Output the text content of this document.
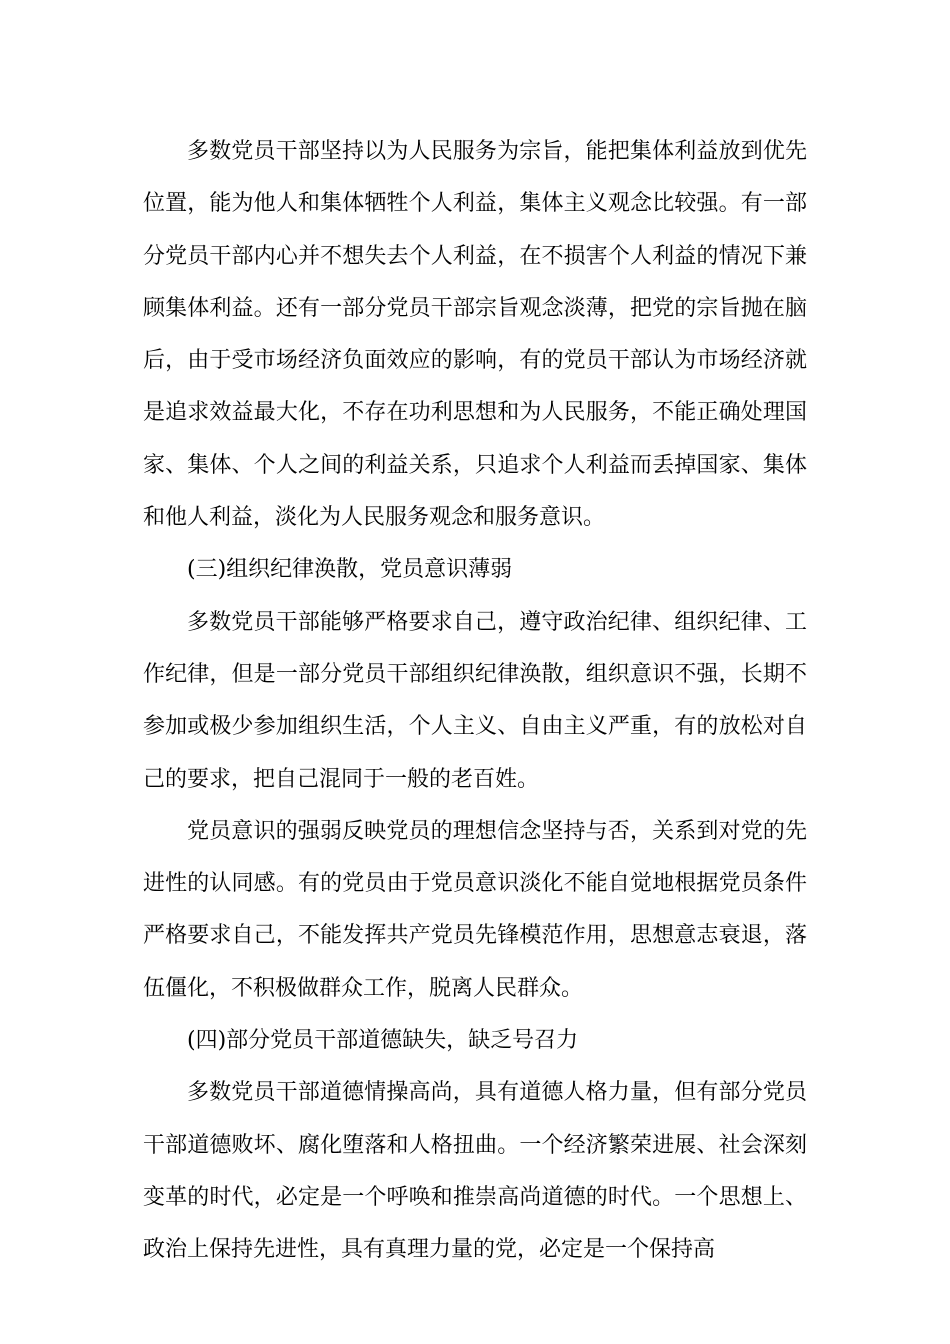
多数党员干部坚持以为人民服务为宗旨，能把集体利益放到优先位置，能为他人和集体牺牲个人利益，集体主义观念比较强。有一部分党员干部内心并不想失去个人利益，在不损害个人利益的情况下兼顾集体利益。还有一部分党员干部宗旨观念淡薄，把党的宗旨抛在脑后，由于受市场经济负面效应的影响，有的党员干部认为市场经济就是追求效益最大化，不存在功利思想和为人民服务，不能正确处理国家、集体、个人之间的利益关系，只追求个人利益而丢掉国家、集体和他人利益，淡化为人民服务观念和服务意识。

(三)组织纪律涣散，党员意识薄弱

多数党员干部能够严格要求自己，遵守政治纪律、组织纪律、工作纪律，但是一部分党员干部组织纪律涣散，组织意识不强，长期不参加或极少参加组织生活，个人主义、自由主义严重，有的放松对自己的要求，把自己混同于一般的老百姓。

党员意识的强弱反映党员的理想信念坚持与否，关系到对党的先进性的认同感。有的党员由于党员意识淡化不能自觉地根据党员条件严格要求自己，不能发挥共产党员先锋模范作用，思想意志衰退，落伍僵化，不积极做群众工作，脱离人民群众。

(四)部分党员干部道德缺失，缺乏号召力

多数党员干部道德情操高尚，具有道德人格力量，但有部分党员干部道德败坏、腐化堕落和人格扭曲。一个经济繁荣进展、社会深刻变革的时代，必定是一个呼唤和推崇高尚道德的时代。一个思想上、政治上保持先进性，具有真理力量的党，必定是一个保持高
